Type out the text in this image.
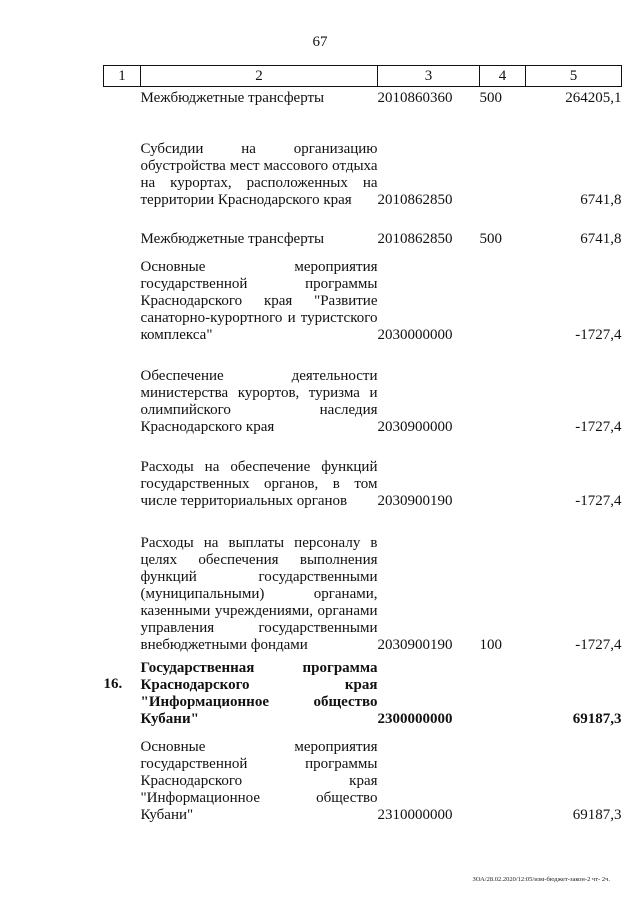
67
1	2	3	4	5
	Межбюджетные трансферты	2010860360	500	264205,1
	Субсидии на организацию обустройства мест массового отдыха на курортах, расположенных на территории Краснодарского края	2010862850		6741,8
	Межбюджетные трансферты	2010862850	500	6741,8
	Основные мероприятия государственной программы Краснодарского края "Развитие санаторно-курортного и туристского комплекса"	2030000000		-1727,4
	Обеспечение деятельности министерства курортов, туризма и олимпийского наследия Краснодарского края	2030900000		-1727,4
	Расходы на обеспечение функций государственных органов, в том числе территориальных органов	2030900190		-1727,4
	Расходы на выплаты персоналу в целях обеспечения выполнения функций государственными (муниципальными) органами, казенными учреждениями, органами управления государственными внебюджетными фондами	2030900190	100	-1727,4
16.	Государственная программа Краснодарского края "Информационное общество Кубани"	2300000000		69187,3
	Основные мероприятия государственной программы Краснодарского края "Информационное общество Кубани"	2310000000		69187,3
ЗОА/28.02.2020/12:05/изм-бюджет-закон-2 чт- 2ч.
